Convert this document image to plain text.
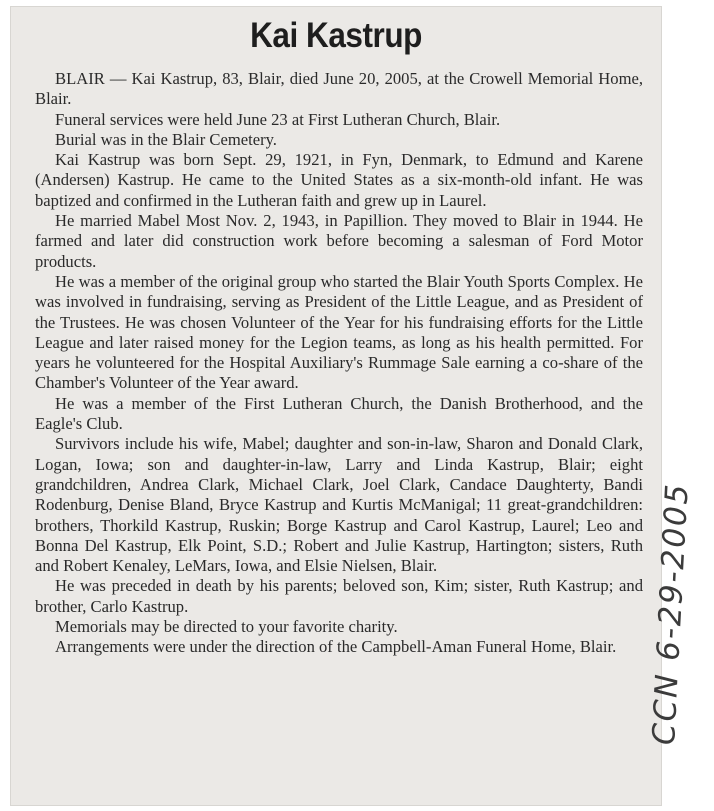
Kai Kastrup

BLAIR — Kai Kastrup, 83, Blair, died June 20, 2005, at the Crowell Memorial Home, Blair.

Funeral services were held June 23 at First Lutheran Church, Blair.

Burial was in the Blair Cemetery.

Kai Kastrup was born Sept. 29, 1921, in Fyn, Denmark, to Edmund and Karene (Andersen) Kastrup. He came to the United States as a six-month-old infant. He was baptized and confirmed in the Lutheran faith and grew up in Laurel.

He married Mabel Most Nov. 2, 1943, in Papillion. They moved to Blair in 1944. He farmed and later did construction work before becoming a salesman of Ford Motor products.

He was a member of the original group who started the Blair Youth Sports Complex. He was involved in fundraising, serving as President of the Little League, and as President of the Trustees. He was chosen Volunteer of the Year for his fundraising efforts for the Little League and later raised money for the Legion teams, as long as his health permitted. For years he volunteered for the Hospital Auxiliary's Rummage Sale earning a co-share of the Chamber's Volunteer of the Year award.

He was a member of the First Lutheran Church, the Danish Brotherhood, and the Eagle's Club.

Survivors include his wife, Mabel; daughter and son-in-law, Sharon and Donald Clark, Logan, Iowa; son and daughter-in-law, Larry and Linda Kastrup, Blair; eight grandchildren, Andrea Clark, Michael Clark, Joel Clark, Candace Daughterty, Bandi Rodenburg, Denise Bland, Bryce Kastrup and Kurtis McManigal; 11 great-grandchildren: brothers, Thorkild Kastrup, Ruskin; Borge Kastrup and Carol Kastrup, Laurel; Leo and Bonna Del Kastrup, Elk Point, S.D.; Robert and Julie Kastrup, Hartington; sisters, Ruth and Robert Kenaley, LeMars, Iowa, and Elsie Nielsen, Blair.

He was preceded in death by his parents; beloved son, Kim; sister, Ruth Kastrup; and brother, Carlo Kastrup.

Memorials may be directed to your favorite charity.

Arrangements were under the direction of the Campbell-Aman Funeral Home, Blair. CCN 6-29-2005
